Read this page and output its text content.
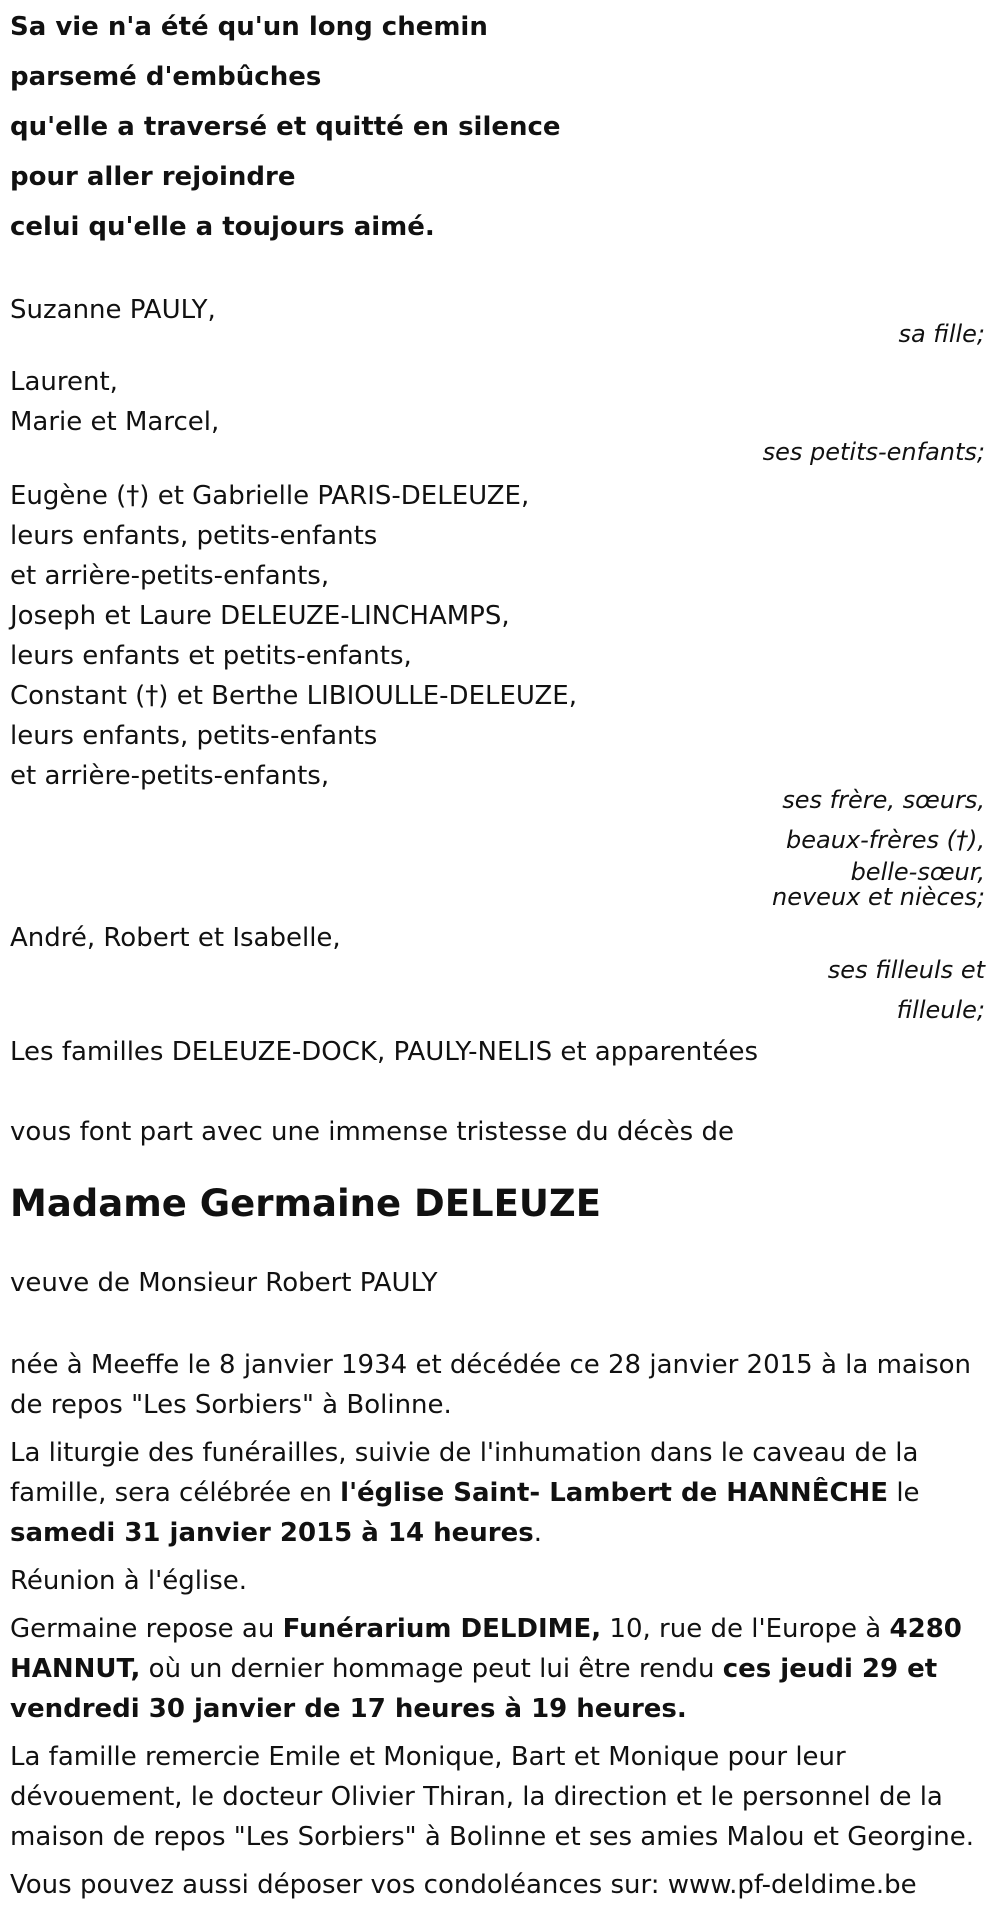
Sa vie n'a été qu'un long chemin
parsemé d'embûches
qu'elle a traversé et quitté en silence
pour aller rejoindre
celui qu'elle a toujours aimé.
Suzanne PAULY,
sa fille;
Laurent,
Marie et Marcel,
ses petits-enfants;
Eugène (†) et Gabrielle PARIS-DELEUZE,
leurs enfants, petits-enfants
et arrière-petits-enfants,
Joseph et Laure DELEUZE-LINCHAMPS,
leurs enfants et petits-enfants,
Constant (†) et Berthe LIBIOULLE-DELEUZE,
leurs enfants, petits-enfants
et arrière-petits-enfants,
ses frère, sœurs,
beaux-frères (†),
belle-sœur,
neveux et nièces;
André, Robert et Isabelle,
ses filleuls et
filleule;
Les familles DELEUZE-DOCK, PAULY-NELIS et apparentées
vous font part avec une immense tristesse du décès de
Madame Germaine DELEUZE
veuve de Monsieur Robert PAULY
née à Meeffe le 8 janvier 1934 et décédée ce 28 janvier 2015 à la maison de repos "Les Sorbiers" à Bolinne.
La liturgie des funérailles, suivie de l'inhumation dans le caveau de la famille, sera célébrée en l'église Saint- Lambert de HANNÊCHE le samedi 31 janvier 2015 à 14 heures.
Réunion à l'église.
Germaine repose au Funérarium DELDIME, 10, rue de l'Europe à 4280 HANNUT, où un dernier hommage peut lui être rendu ces jeudi 29 et vendredi 30 janvier de 17 heures à 19 heures.
La famille remercie Emile et Monique, Bart et Monique pour leur dévouement, le docteur Olivier Thiran, la direction et le personnel de la maison de repos "Les Sorbiers" à Bolinne et ses amies Malou et Georgine.
Vous pouvez aussi déposer vos condoléances sur: www.pf-deldime.be
